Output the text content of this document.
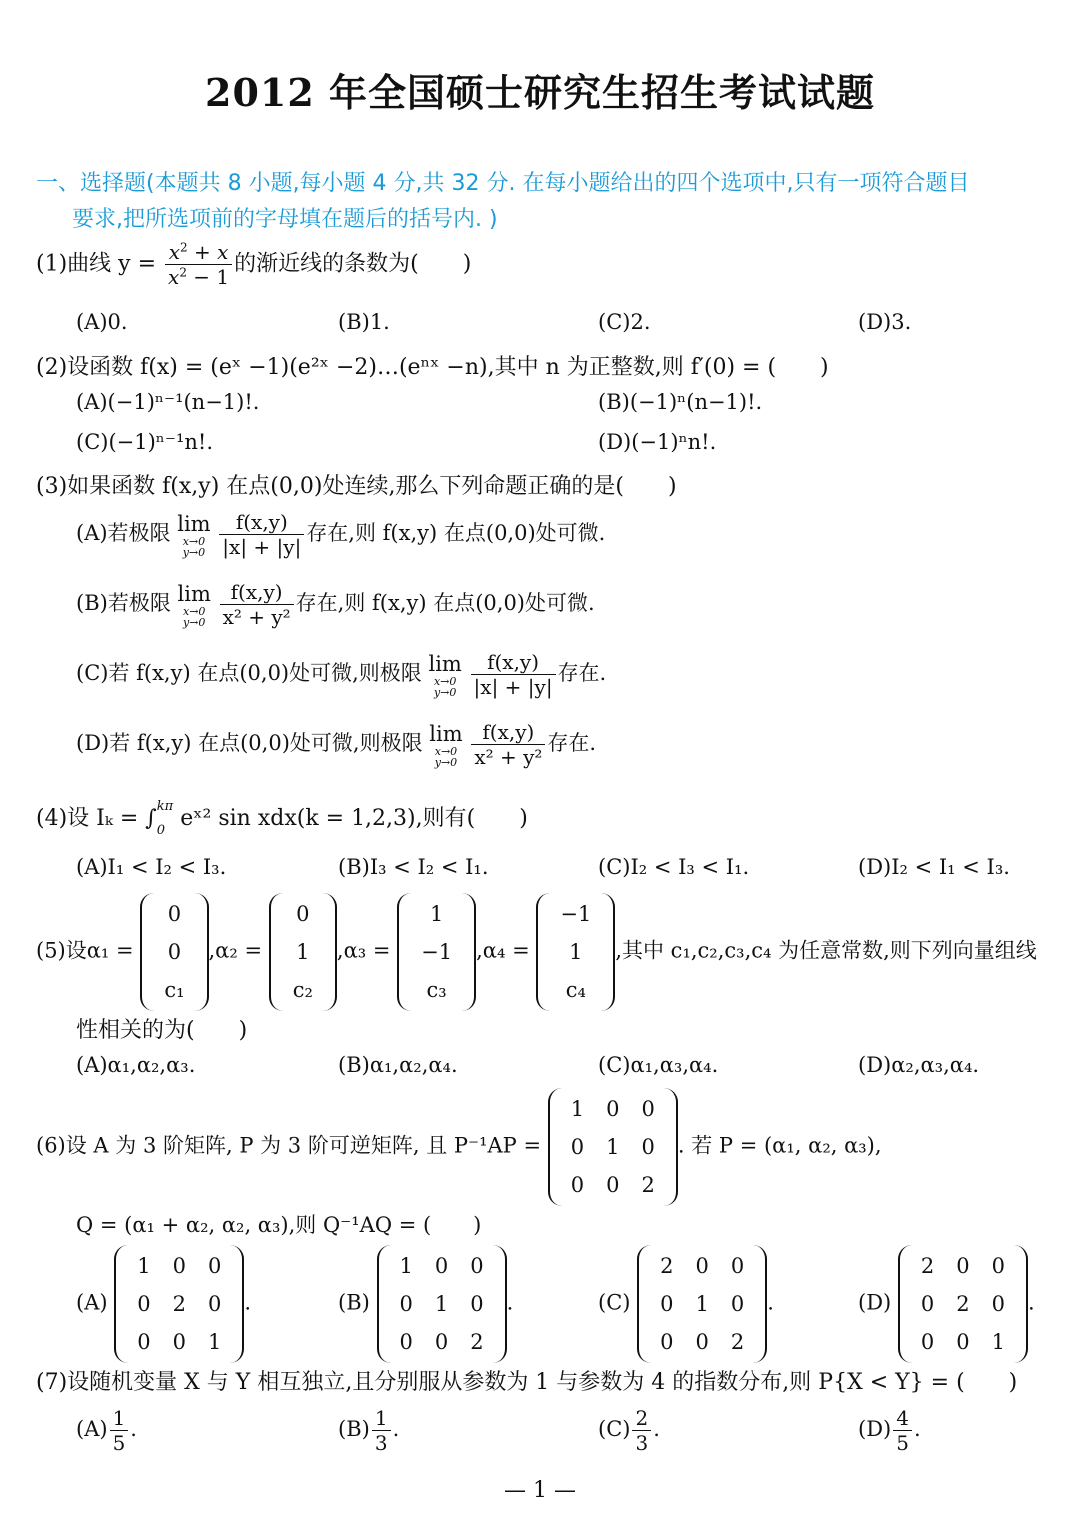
2012 年全国硕士研究生招生考试试题
一、选择题(本题共 8 小题,每小题 4 分,共 32 分. 在每小题给出的四个选项中,只有一项符合题目
要求,把所选项前的字母填在题后的括号内. )
(1)曲线 $y = \frac{x^2 + x}{x^2 - 1}$ 的渐近线的条数为(　　)
(A)0.	(B)1.	(C)2.	(D)3.
(2)设函数 f(x) = (eˣ −1)(e²ˣ −2)…(eⁿˣ −n),其中 n 为正整数,则 f′(0) = (　　)
(A)(−1)ⁿ⁻¹(n−1)!.	(B)(−1)ⁿ(n−1)!.
(C)(−1)ⁿ⁻¹n!.	(D)(−1)ⁿn!.
(3)如果函数 f(x,y) 在点(0,0)处连续,那么下列命题正确的是(　　)
(A)若极限 lim
x→0
y→0
$\frac{f(x,y)}{|x| + |y|}$ 存在,则 f(x,y) 在点(0,0)处可微.
(B)若极限 lim
x→0
y→0
$\frac{f(x,y)}{\text{x² + y²}}$ 存在,则 f(x,y) 在点(0,0)处可微.
(C)若 f(x,y) 在点(0,0)处可微,则极限 lim
x→0
y→0
$\frac{f(x,y)}{|x| + |y|}$ 存在.
(D)若 f(x,y) 在点(0,0)处可微,则极限 lim
x→0
y→0
$\frac{f(x,y)}{\text{x² + y²}}$ 存在.
(4)设 Iₖ = ∫ kπ
0 eˣ² sin xdx(k = 1,2,3),则有(　　)
(A)I₁ < I₂ < I₃.	(B)I₃ < I₂ < I₁.	(C)I₂ < I₃ < I₁.	(D)I₂ < I₁ < I₃.
(5)设α₁ =
0
0
c₁
,α₂ =
0
1
c₂
,α₃ =
1
−1
c₃
,α₄ =
−1
1
c₄
,其中 c₁,c₂,c₃,c₄ 为任意常数,则下列向量组线
性相关的为(　　)
(A)α₁,α₂,α₃.	(B)α₁,α₂,α₄.	(C)α₁,α₃,α₄.	(D)α₂,α₃,α₄.
(6)设 A 为 3 阶矩阵, P 为 3 阶可逆矩阵, 且 P⁻¹AP =
1	0	0
0	1	0
0	0	2
. 若 P = (α₁, α₂, α₃),
Q = (α₁ + α₂, α₂, α₃),则 Q⁻¹AQ = (　　)
(A)
1	0	0
0	2	0
0	0	1
.	(B)
1	0	0
0	1	0
0	0	2
.	(C)
2	0	0
0	1	0
0	0	2
.	(D)
2	0	0
0	2	0
0	0	1
.
(7)设随机变量 X 与 Y 相互独立,且分别服从参数为 1 与参数为 4 的指数分布,则 P{X < Y} = (　　)
$(A) \frac{1}{5}$ .	$(B) \frac{1}{3}$ .	$(C) \frac{2}{3}$ .	$(D) \frac{4}{5}$ .
— 1 —
